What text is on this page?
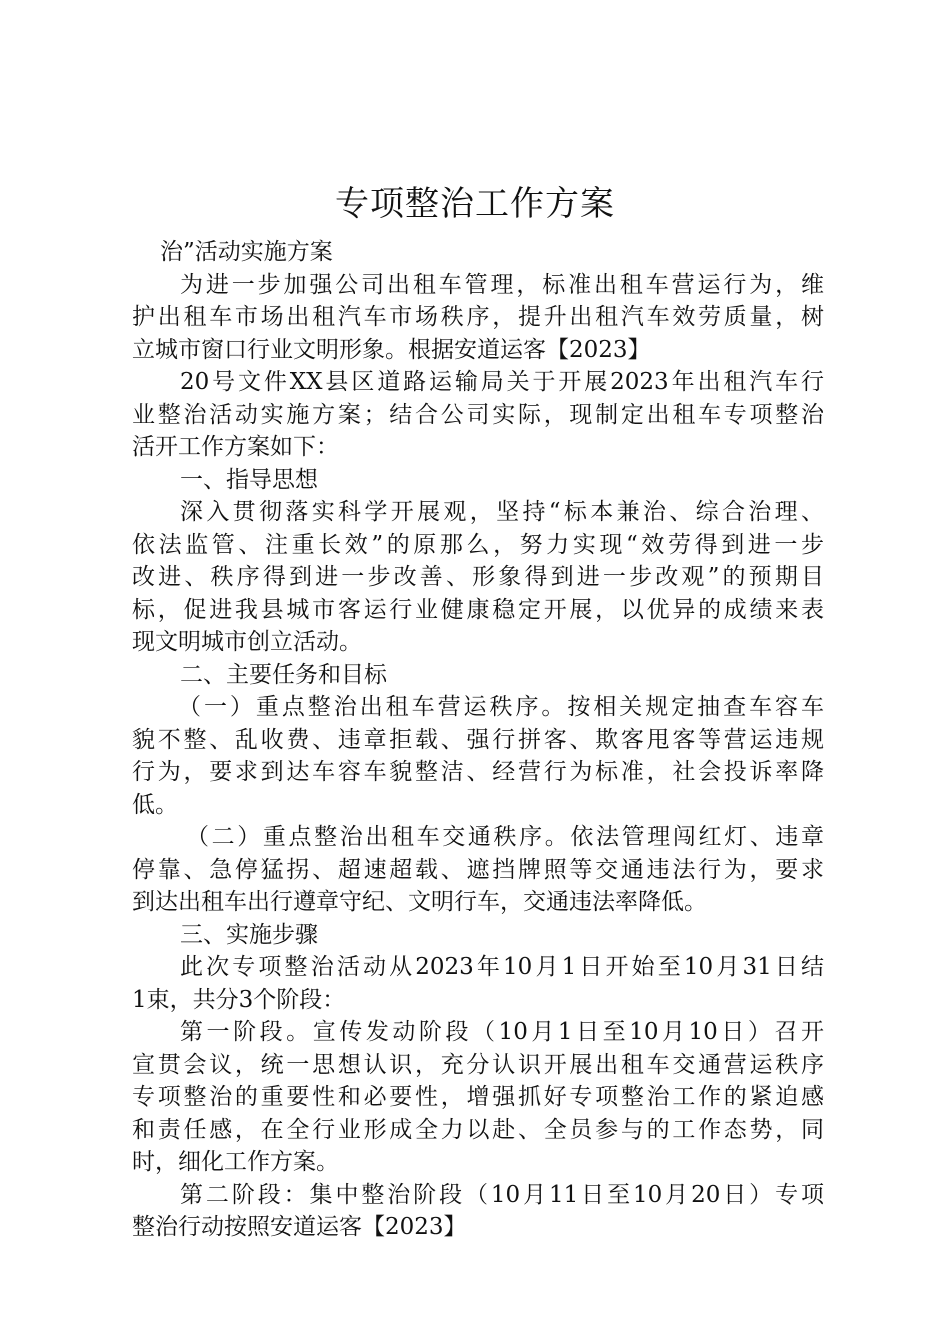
专项整治工作方案
治”活动实施方案
为进一步加强公司出租车管理，标准出租车营运行为，维
护出租车市场出租汽车市场秩序，提升出租汽车效劳质量，树
立城市窗口行业文明形象。根据安道运客【2023】
20号文件XX县区道路运输局关于开展2023年出租汽车行
业整治活动实施方案；结合公司实际，现制定出租车专项整治
活开工作方案如下：
一、指导思想
深入贯彻落实科学开展观，坚持“标本兼治、综合治理、
依法监管、注重长效”的原那么，努力实现“效劳得到进一步
改进、秩序得到进一步改善、形象得到进一步改观”的预期目
标，促进我县城市客运行业健康稳定开展，以优异的成绩来表
现文明城市创立活动。
二、主要任务和目标
（一）重点整治出租车营运秩序。按相关规定抽查车容车
貌不整、乱收费、违章拒载、强行拼客、欺客甩客等营运违规
行为，要求到达车容车貌整洁、经营行为标准，社会投诉率降
低。
（二）重点整治出租车交通秩序。依法管理闯红灯、违章
停靠、急停猛拐、超速超载、遮挡牌照等交通违法行为，要求
到达出租车出行遵章守纪、文明行车，交通违法率降低。
三、实施步骤
此次专项整治活动从2023年10月1日开始至10月31日结
1束，共分3个阶段：
第一阶段。宣传发动阶段（10月1日至10月10日）召开
宣贯会议，统一思想认识，充分认识开展出租车交通营运秩序
专项整治的重要性和必要性，增强抓好专项整治工作的紧迫感
和责任感，在全行业形成全力以赴、全员参与的工作态势，同
时，细化工作方案。
第二阶段：集中整治阶段（10月11日至10月20日）专项
整治行动按照安道运客【2023】
